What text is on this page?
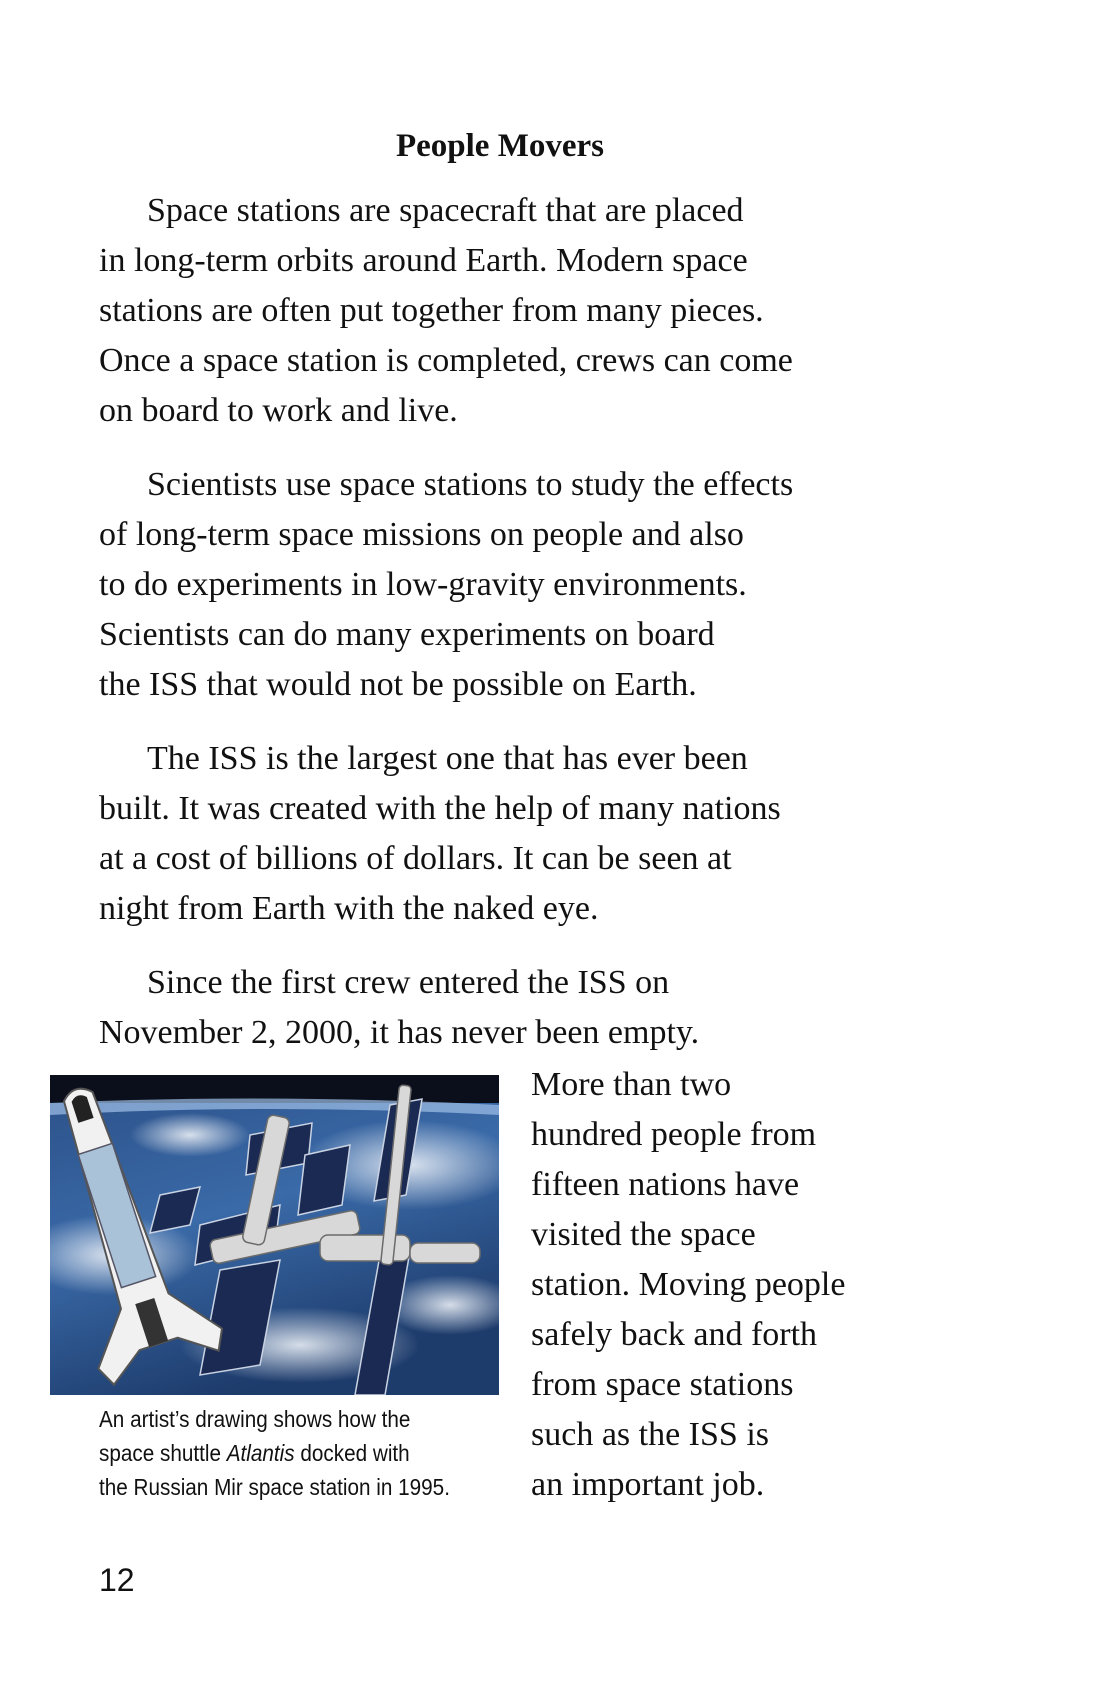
People Movers

Space stations are spacecraft that are placed
in long-term orbits around Earth. Modern space
stations are often put together from many pieces.
Once a space station is completed, crews can come
on board to work and live.

Scientists use space stations to study the effects
of long-term space missions on people and also
to do experiments in low-gravity environments.
Scientists can do many experiments on board
the ISS that would not be possible on Earth.

The ISS is the largest one that has ever been
built. It was created with the help of many nations
at a cost of billions of dollars. It can be seen at
night from Earth with the naked eye.

Since the first crew entered the ISS on
November 2, 2000, it has never been empty.

More than two
hundred people from
fifteen nations have
visited the space
station. Moving people
safely back and forth
from space stations
such as the ISS is
an important job.
An artist’s drawing shows how the
space shuttle Atlantis docked with
the Russian Mir space station in 1995.
12
